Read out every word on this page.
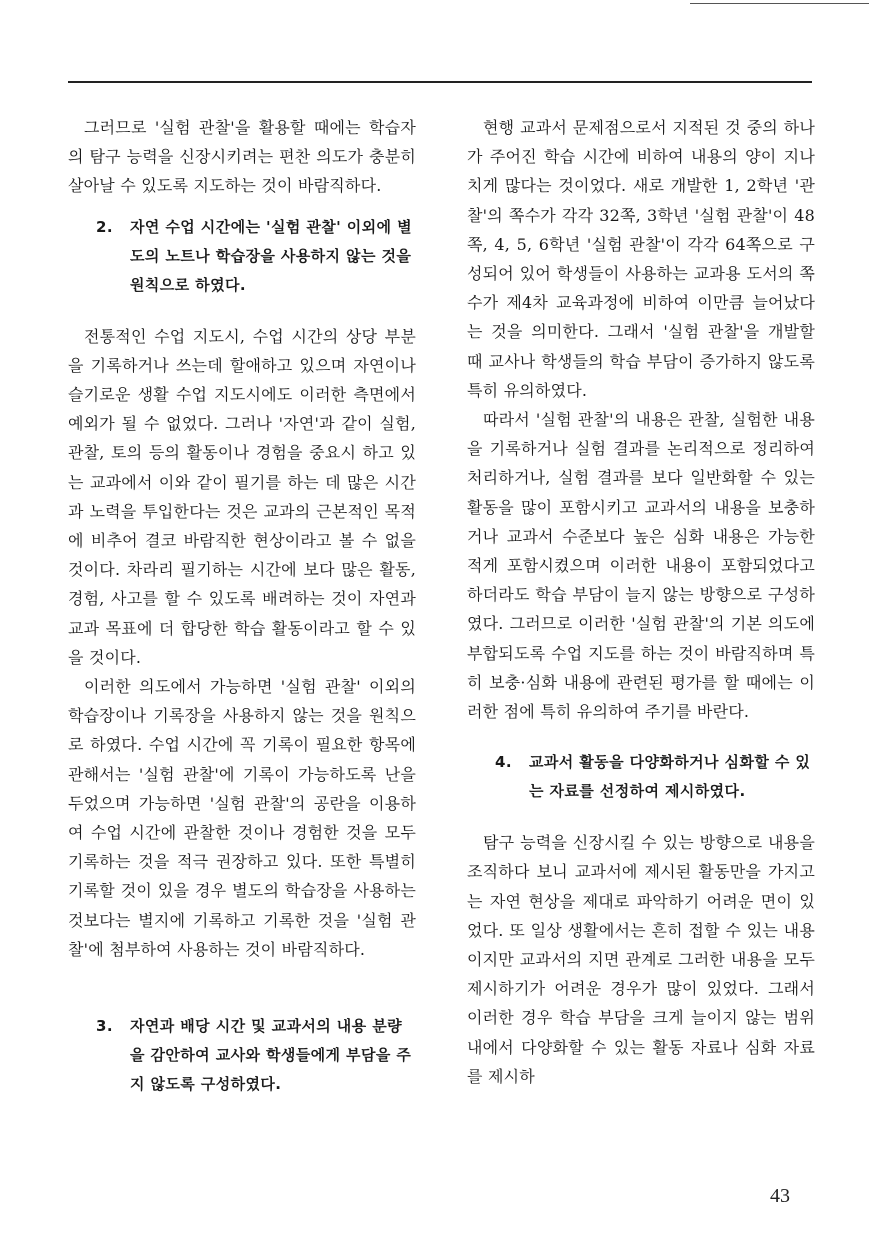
그러므로 '실험 관찰'을 활용할 때에는 학습자의 탐구 능력을 신장시키려는 편찬 의도가 충분히 살아날 수 있도록 지도하는 것이 바람직하다.

2.	자연 수업 시간에는 '실험 관찰' 이외에 별도의 노트나 학습장을 사용하지 않는 것을 원칙으로 하였다.

전통적인 수업 지도시, 수업 시간의 상당 부분을 기록하거나 쓰는데 할애하고 있으며 자연이나 슬기로운 생활 수업 지도시에도 이러한 측면에서 예외가 될 수 없었다. 그러나 '자연'과 같이 실험, 관찰, 토의 등의 활동이나 경험을 중요시 하고 있는 교과에서 이와 같이 필기를 하는 데 많은 시간과 노력을 투입한다는 것은 교과의 근본적인 목적에 비추어 결코 바람직한 현상이라고 볼 수 없을 것이다. 차라리 필기하는 시간에 보다 많은 활동, 경험, 사고를 할 수 있도록 배려하는 것이 자연과 교과 목표에 더 합당한 학습 활동이라고 할 수 있을 것이다.

이러한 의도에서 가능하면 '실험 관찰' 이외의 학습장이나 기록장을 사용하지 않는 것을 원칙으로 하였다. 수업 시간에 꼭 기록이 필요한 항목에 관해서는 '실험 관찰'에 기록이 가능하도록 난을 두었으며 가능하면 '실험 관찰'의 공란을 이용하여 수업 시간에 관찰한 것이나 경험한 것을 모두 기록하는 것을 적극 권장하고 있다. 또한 특별히 기록할 것이 있을 경우 별도의 학습장을 사용하는 것보다는 별지에 기록하고 기록한 것을 '실험 관찰'에 첨부하여 사용하는 것이 바람직하다.

3.	자연과 배당 시간 및 교과서의 내용 분량을 감안하여 교사와 학생들에게 부담을 주지 않도록 구성하였다.

현행 교과서 문제점으로서 지적된 것 중의 하나가 주어진 학습 시간에 비하여 내용의 양이 지나치게 많다는 것이었다. 새로 개발한 1, 2학년 '관찰'의 쪽수가 각각 32쪽, 3학년 '실험 관찰'이 48쪽, 4, 5, 6학년 '실험 관찰'이 각각 64쪽으로 구성되어 있어 학생들이 사용하는 교과용 도서의 쪽수가 제4차 교육과정에 비하여 이만큼 늘어났다는 것을 의미한다. 그래서 '실험 관찰'을 개발할 때 교사나 학생들의 학습 부담이 증가하지 않도록 특히 유의하였다.

따라서 '실험 관찰'의 내용은 관찰, 실험한 내용을 기록하거나 실험 결과를 논리적으로 정리하여 처리하거나, 실험 결과를 보다 일반화할 수 있는 활동을 많이 포함시키고 교과서의 내용을 보충하거나 교과서 수준보다 높은 심화 내용은 가능한 적게 포함시켰으며 이러한 내용이 포함되었다고 하더라도 학습 부담이 늘지 않는 방향으로 구성하였다. 그러므로 이러한 '실험 관찰'의 기본 의도에 부합되도록 수업 지도를 하는 것이 바람직하며 특히 보충·심화 내용에 관련된 평가를 할 때에는 이러한 점에 특히 유의하여 주기를 바란다.

4.	교과서 활동을 다양화하거나 심화할 수 있는 자료를 선정하여 제시하였다.

탐구 능력을 신장시킬 수 있는 방향으로 내용을 조직하다 보니 교과서에 제시된 활동만을 가지고는 자연 현상을 제대로 파악하기 어려운 면이 있었다. 또 일상 생활에서는 흔히 접할 수 있는 내용이지만 교과서의 지면 관계로 그러한 내용을 모두 제시하기가 어려운 경우가 많이 있었다. 그래서 이러한 경우 학습 부담을 크게 늘이지 않는 범위 내에서 다양화할 수 있는 활동 자료나 심화 자료를 제시하

43
